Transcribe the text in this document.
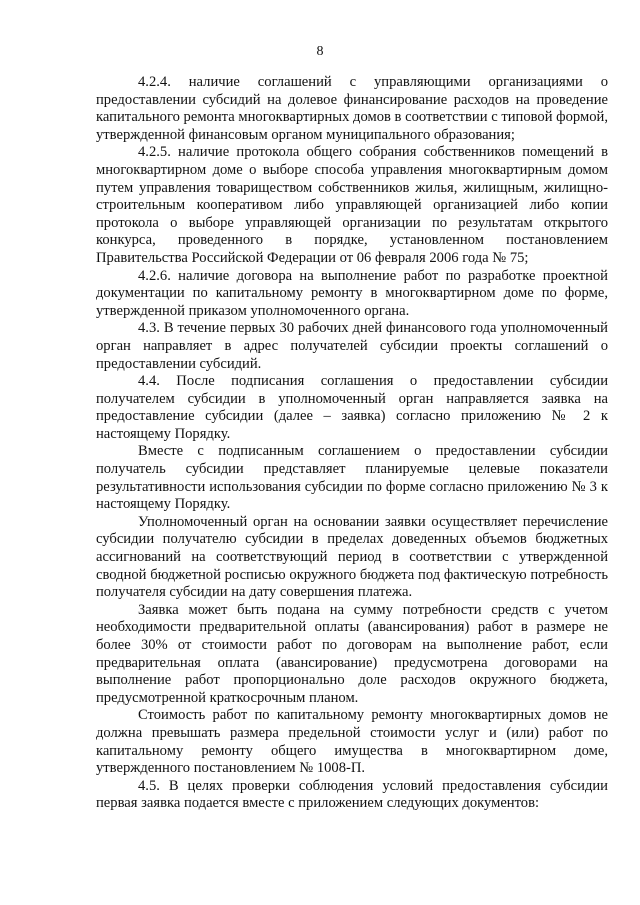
8

4.2.4. наличие соглашений с управляющими организациями о предоставлении субсидий на долевое финансирование расходов на проведение капитального ремонта многоквартирных домов в соответствии с типовой формой, утвержденной финансовым органом муниципального образования;

4.2.5. наличие протокола общего собрания собственников помещений в многоквартирном доме о выборе способа управления многоквартирным домом путем управления товариществом собственников жилья, жилищным, жилищно-строительным кооперативом либо управляющей организацией либо копии протокола о выборе управляющей организации по результатам открытого конкурса, проведенного в порядке, установленном постановлением Правительства Российской Федерации от 06 февраля 2006 года № 75;

4.2.6. наличие договора на выполнение работ по разработке проектной документации по капитальному ремонту в многоквартирном доме по форме, утвержденной приказом уполномоченного органа.

4.3. В течение первых 30 рабочих дней финансового года уполномоченный орган направляет в адрес получателей субсидии проекты соглашений о предоставлении субсидий.

4.4. После подписания соглашения о предоставлении субсидии получателем субсидии в уполномоченный орган направляется заявка на предоставление субсидии (далее – заявка) согласно приложению № 2 к настоящему Порядку.

Вместе с подписанным соглашением о предоставлении субсидии получатель субсидии представляет планируемые целевые показатели результативности использования субсидии по форме согласно приложению № 3 к настоящему Порядку.

Уполномоченный орган на основании заявки осуществляет перечисление субсидии получателю субсидии в пределах доведенных объемов бюджетных ассигнований на соответствующий период в соответствии с утвержденной сводной бюджетной росписью окружного бюджета под фактическую потребность получателя субсидии на дату совершения платежа.

Заявка может быть подана на сумму потребности средств с учетом необходимости предварительной оплаты (авансирования) работ в размере не более 30% от стоимости работ по договорам на выполнение работ, если предварительная оплата (авансирование) предусмотрена договорами на выполнение работ пропорционально доле расходов окружного бюджета, предусмотренной краткосрочным планом.

Стоимость работ по капитальному ремонту многоквартирных домов не должна превышать размера предельной стоимости услуг и (или) работ по капитальному ремонту общего имущества в многоквартирном доме, утвержденного постановлением № 1008-П.

4.5. В целях проверки соблюдения условий предоставления субсидии первая заявка подается вместе с приложением следующих документов:
